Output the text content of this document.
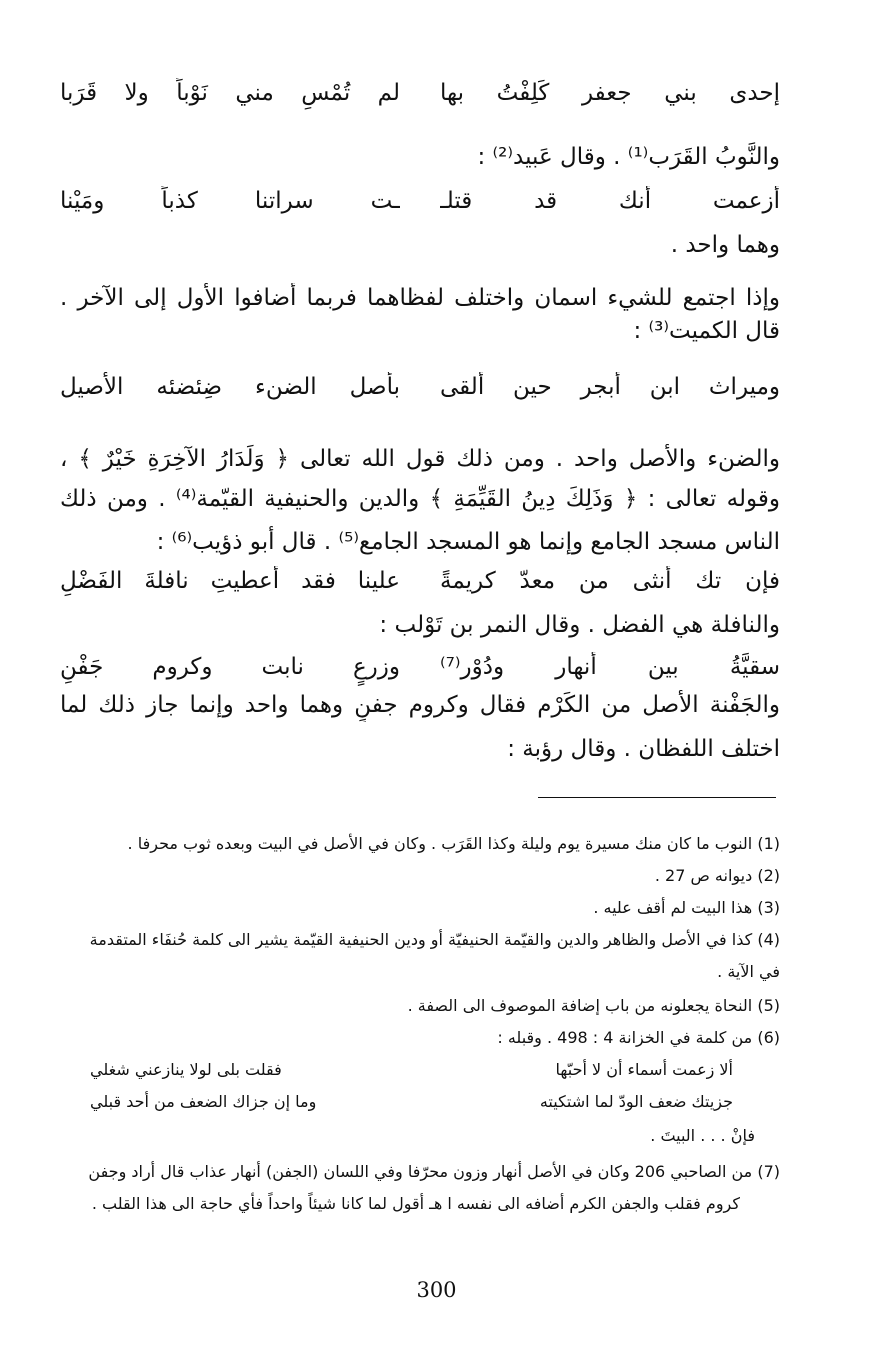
إحدى بني جعفر كَلِفْتُ بها
لم تُمْسِ مني نَوْباً ولا قَرَبا
والنَّوبُ القَرَب⁽¹⁾ . وقال عَبيد⁽²⁾ :
أزعمت أنك قد قتلـ
ـت سراتنا كذباً ومَيْنا
وهما واحد .
وإذا اجتمع للشيء اسمان واختلف لفظاهما فربما أضافوا الأول إلى الآخر .
قال الكميت⁽³⁾ :
وميراث ابن أبجر حين ألقى
بأصل الضنء ضِئضئه الأصيل
والضنء والأصل واحد . ومن ذلك قول الله تعالى ﴿ وَلَدَارُ الآخِرَةِ خَيْرٌ ﴾ ،
وقوله تعالى : ﴿ وَذَلِكَ دِينُ القَيِّمَةِ ﴾ والدين والحنيفية القيّمة⁽⁴⁾ . ومن ذلك
الناس مسجد الجامع وإنما هو المسجد الجامع⁽⁵⁾ . قال أبو ذؤيب⁽⁶⁾ :
فإن تك أنثى من معدّ كريمةً
علينا فقد أُعطيتِ نافلةَ الفَضْلِ
والنافلة هي الفضل . وقال النمر بن تَوْلب :
سقيَّةُ بين أنهار ودُوْر⁽⁷⁾
وزرعٍ نابت وكروم جَفْنِ
والجَفْنة الأصل من الكَرْم فقال وكروم جفنٍ وهما واحد وإنما جاز ذلك لما
اختلف اللفظان . وقال رؤبة :
(1) النوب ما كان منك مسيرة يوم وليلة وكذا القَرَب . وكان في الأصل في البيت وبعده ثوب محرفا .
(2) ديوانه ص 27 .
(3) هذا البيت لم أقف عليه .
(4) كذا في الأصل والظاهر والدين والقيّمة الحنيفيّة أو ودين الحنيفية القيّمة يشير الى كلمة حُنفَاء المتقدمة
في الآية .
(5) النحاة يجعلونه من باب إضافة الموصوف الى الصفة .
(6) من كلمة في الخزانة 4 : 498 . وقبله :
ألا زعمت أسماء أن لا أحبّها
فقلت بلى لولا ينازعني شغلي
جزيتك ضعف الودّ لما اشتكيته
وما إن جزاك الضعف من أحد قبلي
فإنْ . . . البيتَ .
(7) من الصاحبي 206 وكان في الأصل أنهار وزون محرّفا وفي اللسان (الجفن) أنهار عذاب قال أراد وجفن
كروم فقلب والجفن الكرم أضافه الى نفسه ا هـ أقول لما كانا شيئاً واحداً فأي حاجة الى هذا القلب .
300
